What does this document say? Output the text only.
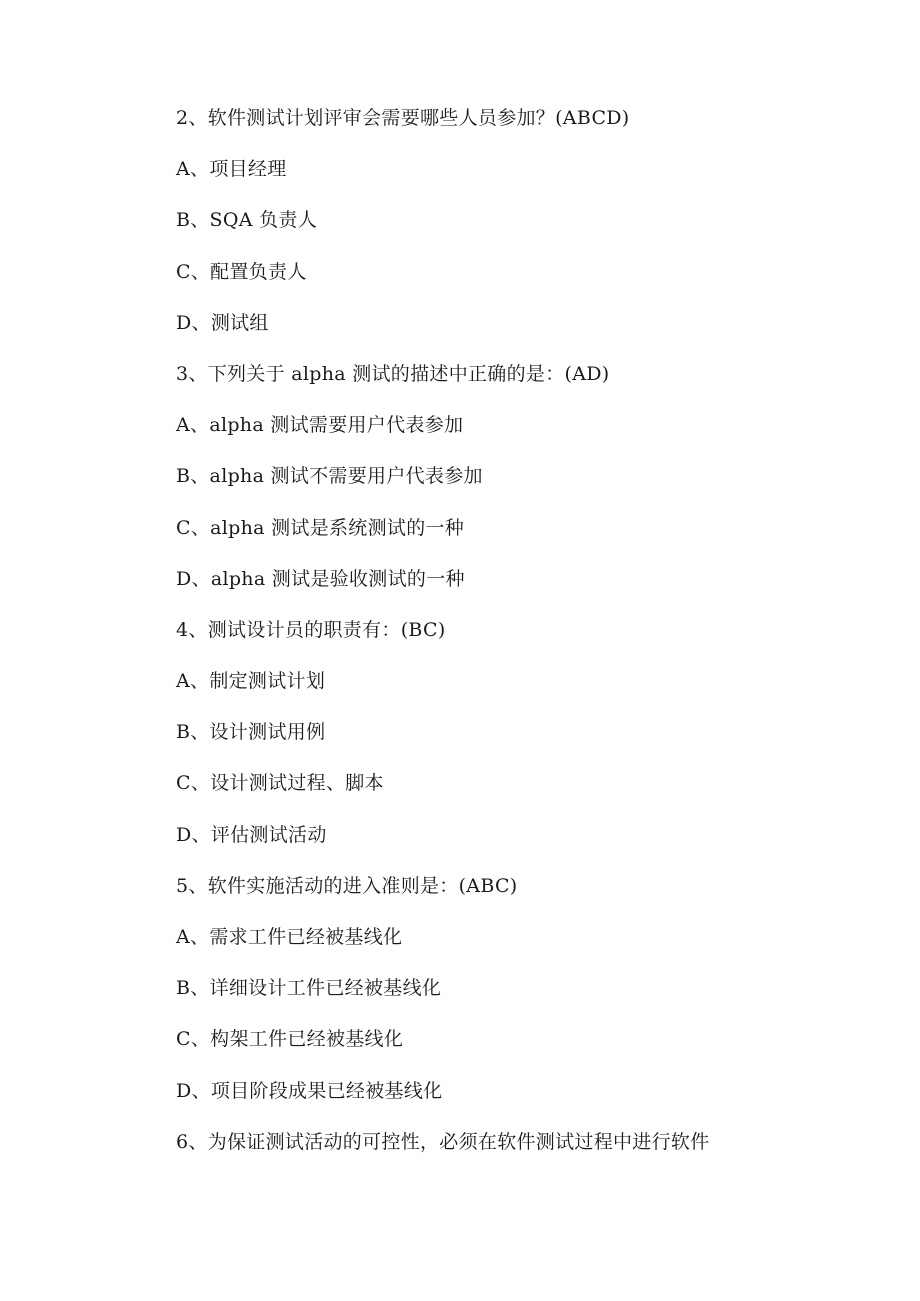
2、软件测试计划评审会需要哪些人员参加？(ABCD)
A、项目经理
B、SQA 负责人
C、配置负责人
D、测试组
3、下列关于 alpha 测试的描述中正确的是：(AD)
A、alpha 测试需要用户代表参加
B、alpha 测试不需要用户代表参加
C、alpha 测试是系统测试的一种
D、alpha 测试是验收测试的一种
4、测试设计员的职责有：(BC)
A、制定测试计划
B、设计测试用例
C、设计测试过程、脚本
D、评估测试活动
5、软件实施活动的进入准则是：(ABC)
A、需求工件已经被基线化
B、详细设计工件已经被基线化
C、构架工件已经被基线化
D、项目阶段成果已经被基线化
6、为保证测试活动的可控性，必须在软件测试过程中进行软件
